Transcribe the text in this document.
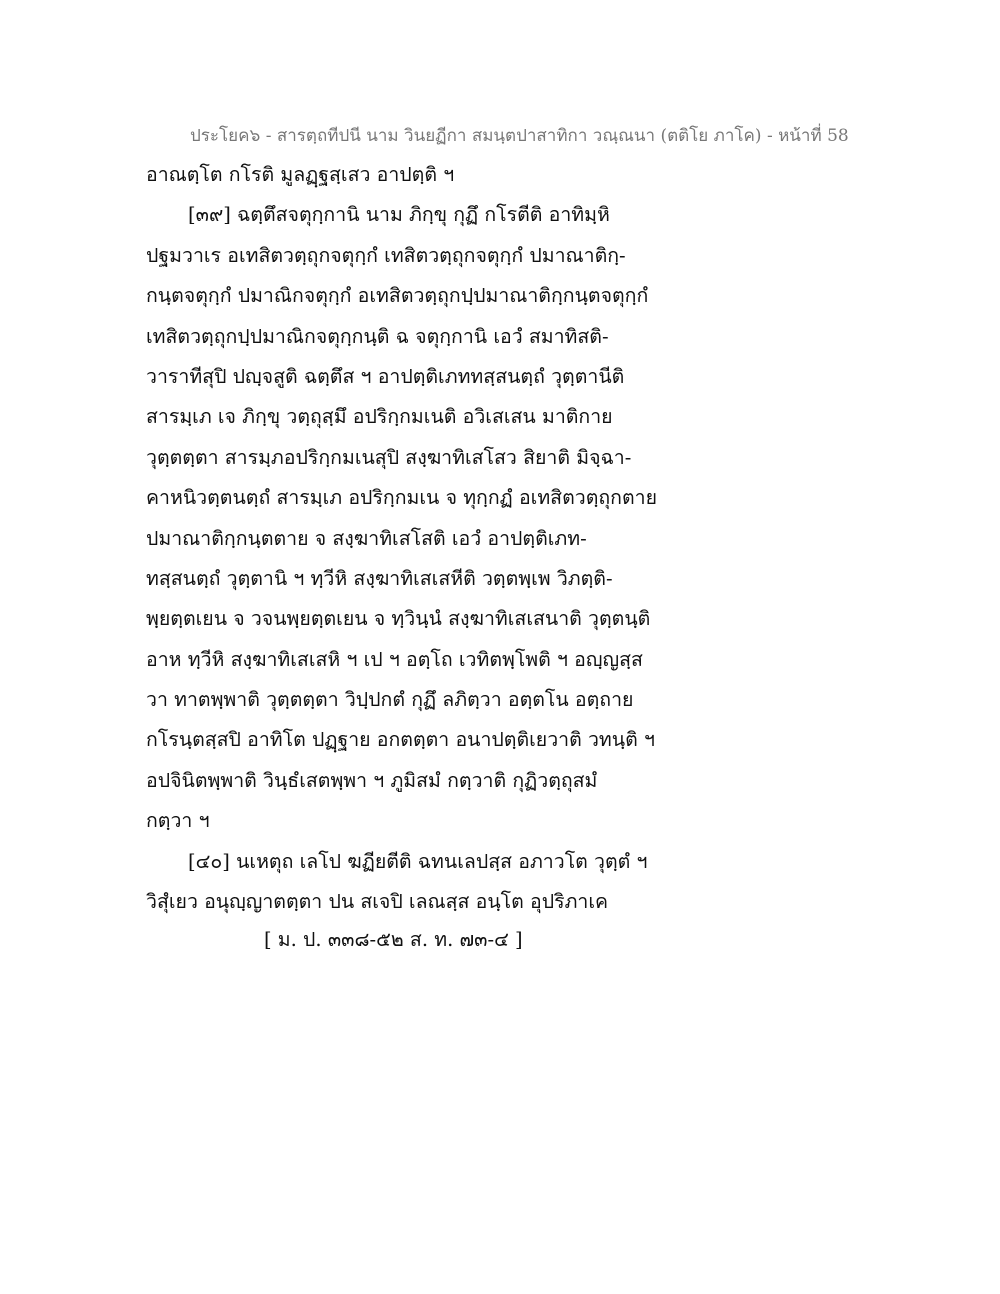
ประโยค๖ - สารตฺถทีปนี นาม วินยฏีกา สมนฺตปาสาทิกา วณฺณนา (ตติโย ภาโค) - หน้าที่ 58
อาณตฺโต กโรติ มูลฏฺฐสฺเสว อาปตฺติ ฯ
[๓๙] ฉตฺตึสจตุกฺกานิ นาม ภิกฺขุ กุฏึ กโรตีติ อาทิมฺหิ
ปฐมวาเร อเทสิตวตฺถุกจตุกฺกํ เทสิตวตฺถุกจตุกฺกํ ปมาณาติกฺ-
กนฺตจตุกฺกํ ปมาณิกจตุกฺกํ อเทสิตวตฺถุกปฺปมาณาติกฺกนฺตจตุกฺกํ
เทสิตวตฺถุกปฺปมาณิกจตุกฺกนฺติ ฉ จตุกฺกานิ เอวํ สมาทิสติ-
วาราทีสุปิ ปญฺจสูติ ฉตฺตึส ฯ อาปตฺติเภททสฺสนตฺถํ วุตฺตานีติ
สารมฺเภ เจ ภิกฺขุ วตฺถุสฺมึ อปริกฺกมเนติ อวิเสเสน มาติกาย
วุตฺตตฺตา สารมฺภอปริกฺกมเนสุปิ สงฺฆาทิเสโสว สิยาติ มิจฺฉา-
คาหนิวตฺตนตฺถํ สารมฺเภ อปริกฺกมเน จ ทุกฺกฏํ อเทสิตวตฺถุกตาย
ปมาณาติกฺกนฺตตาย จ สงฺฆาทิเสโสติ เอวํ อาปตฺติเภท-
ทสฺสนตฺถํ วุตฺตานิ ฯ ทฺวีหิ สงฺฆาทิเสเสหีติ วตฺตพฺเพ วิภตฺติ-
พฺยตฺตเยน จ วจนพฺยตฺตเยน จ ทฺวินฺนํ สงฺฆาทิเสเสนาติ วุตฺตนฺติ
อาห ทฺวีหิ สงฺฆาทิเสเสหิ ฯ เป ฯ อตฺโถ เวทิตพฺโพติ ฯ อญฺญสฺส
วา ทาตพฺพาติ วุตฺตตฺตา วิปฺปกตํ กุฏึ ลภิตฺวา อตฺตโน อตฺถาย
กโรนฺตสฺสปิ อาทิโต ปฏฺฐาย อกตตฺตา อนาปตฺติเยวาติ วทนฺติ ฯ
อปจินิตพฺพาติ วินฺธํเสตพฺพา ฯ ภูมิสมํ กตฺวาติ กุฏิวตฺถุสมํ
กตฺวา ฯ
[๔๐] นเหตุถ เลโป ฆฏียตีติ ฉทนเลปสฺส อภาวโต วุตฺตํ ฯ
วิสุํเยว อนุญฺญาตตฺตา ปน สเจปิ เลณสฺส อนฺโต อุปริภาเค
[ ม. ป. ๓๓๘-๕๒ ส. ท. ๗๓-๔ ]
